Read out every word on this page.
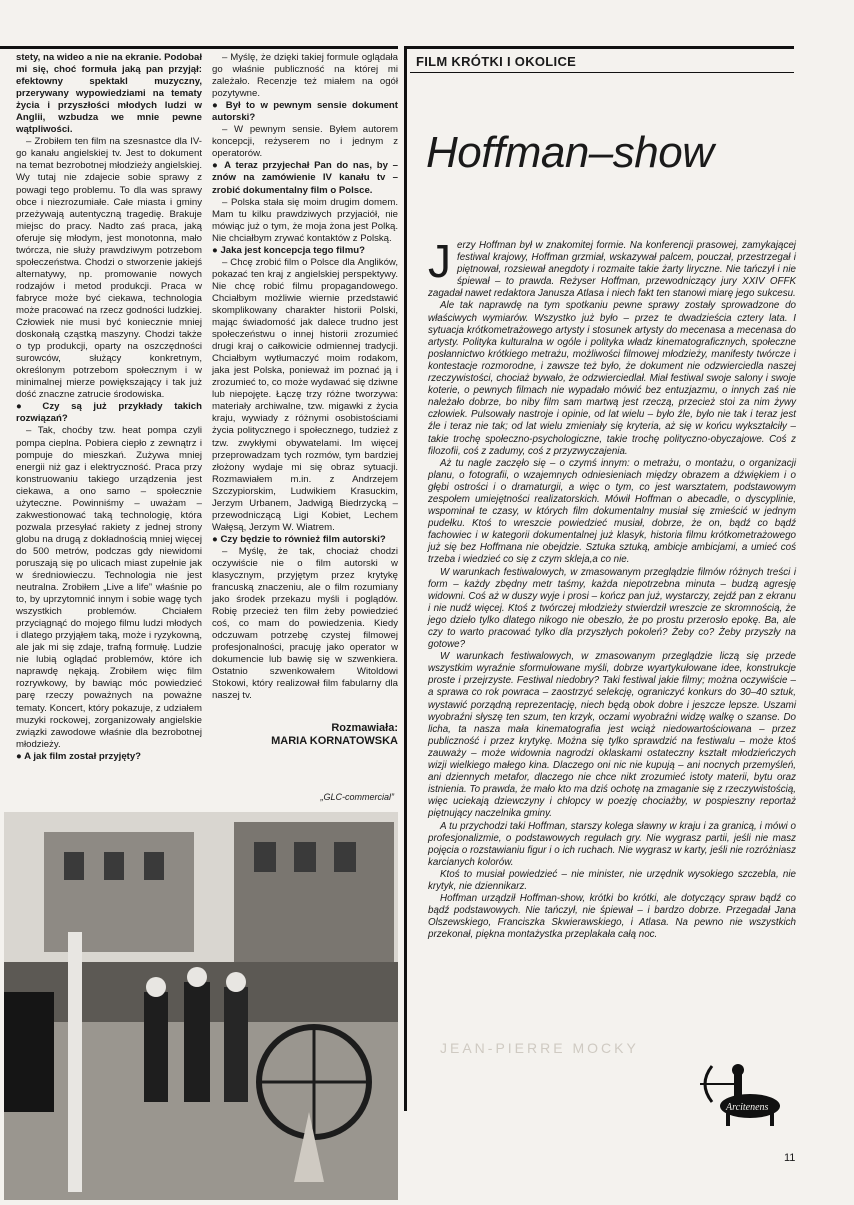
stety, na wideo a nie na ekranie. Podobał mi się, choć formuła jaką pan przyjął: efektowny spektakl muzyczny, przerywany wypowiedziami na tematy życia i przyszłości młodych ludzi w Anglii, wzbudza we mnie pewne wątpliwości.

– Zrobiłem ten film na szesnastce dla IV-go kanału angielskiej tv. Jest to dokument na temat bezrobotnej młodzieży angielskiej. Wy tutaj nie zdajecie sobie sprawy z powagi tego problemu. To dla was sprawy obce i niezrozumiałe. Całe miasta i gminy przeżywają autentyczną tragedię. Brakuje miejsc do pracy. Nadto zaś praca, jaką oferuje się młodym, jest monotonna, mało twórcza, nie służy prawdziwym potrzebom społeczeństwa. Chodzi o stworzenie jakiejś alternatywy, np. promowanie nowych rodzajów i metod produkcji. Praca w fabryce może być ciekawa, technologia może pracować na rzecz godności ludzkiej. Człowiek nie musi być koniecznie mniej doskonałą cząstką maszyny. Chodzi także o typ produkcji, oparty na oszczędności surowców, służący konkretnym, określonym potrzebom społecznym i w minimalnej mierze powiększający i tak już dość znaczne zatrucie środowiska.

● Czy są już przykłady takich rozwiązań?

– Tak, choćby tzw. heat pompa czyli pompa cieplna. Pobiera ciepło z zewnątrz i pompuje do mieszkań. Zużywa mniej energii niż gaz i elektryczność. Praca przy konstruowaniu takiego urządzenia jest ciekawa, a ono samo – społecznie użyteczne. Powinniśmy – uważam – zakwestionować taką technologię, która pozwala przesyłać rakiety z jednej strony globu na drugą z dokładnością mniej więcej do 500 metrów, podczas gdy niewidomi poruszają się po ulicach miast zupełnie jak w średniowieczu. Technologia nie jest neutralna. Zrobiłem „Live a life” właśnie po to, by uprzytomnić innym i sobie wagę tych wszystkich problemów. Chciałem przyciągnąć do mojego filmu ludzi młodych i dlatego przyjąłem taką, może i ryzykowną, ale jak mi się zdaje, trafną formułę. Ludzie nie lubią oglądać problemów, które ich naprawdę nękają. Zrobiłem więc film rozrywkowy, by bawiąc móc powiedzieć parę rzeczy poważnych na poważne tematy. Koncert, który pokazuje, z udziałem muzyki rockowej, zorganizowały angielskie związki zawodowe właśnie dla bezrobotnej młodzieży.

● A jak film został przyjęty?

– Myślę, że dzięki takiej formule oglądała go właśnie publiczność na której mi zależało. Recenzje też miałem na ogół pozytywne.

● Był to w pewnym sensie dokument autorski?

– W pewnym sensie. Byłem autorem koncepcji, reżyserem no i jednym z operatorów.

● A teraz przyjechał Pan do nas, by – znów na zamówienie IV kanału tv – zrobić dokumentalny film o Polsce.

– Polska stała się moim drugim domem. Mam tu kilku prawdziwych przyjaciół, nie mówiąc już o tym, że moja żona jest Polką. Nie chciałbym zrywać kontaktów z Polską.

● Jaka jest koncepcja tego filmu?

– Chcę zrobić film o Polsce dla Anglików, pokazać ten kraj z angielskiej perspektywy. Nie chcę robić filmu propagandowego. Chciałbym możliwie wiernie przedstawić skomplikowany charakter historii Polski, mając świadomość jak dalece trudno jest społeczeństwu o innej historii zrozumieć drugi kraj o całkowicie odmiennej tradycji. Chciałbym wytłumaczyć moim rodakom, jaka jest Polska, ponieważ im poznać ją i zrozumieć to, co może wydawać się dziwne lub niepojęte. Łączę trzy różne tworzywa: materiały archiwalne, tzw. migawki z życia kraju, wywiady z różnymi osobistościami życia politycznego i społecznego, tudzież z tzw. zwykłymi obywatelami. Im więcej przeprowadzam tych rozmów, tym bardziej złożony wydaje mi się obraz sytuacji. Rozmawiałem m.in. z Andrzejem Szczypiorskim, Ludwikiem Krasuckim, Jerzym Urbanem, Jadwigą Biedrzycką – przewodniczącą Ligi Kobiet, Lechem Wałęsą, Jerzym W. Wiatrem.

● Czy będzie to również film autorski?

– Myślę, że tak, chociaż chodzi oczywiście nie o film autorski w klasycznym, przyjętym przez krytykę francuską znaczeniu, ale o film rozumiany jako środek przekazu myśli i poglądów. Robię przecież ten film żeby powiedzieć coś, co mam do powiedzenia. Kiedy odczuwam potrzebę czystej filmowej profesjonalności, pracuję jako operator w dokumencie lub bawię się w szwenkiera. Ostatnio szwenkowałem Witoldowi Stokowi, który realizował film fabularny dla naszej tv.

Rozmawiała:
MARIA KORNATOWSKA
„GLC-commercial”
FILM KRÓTKI I OKOLICE
Hoffman–show

Jerzy Hoffman był w znakomitej formie. Na konferencji prasowej, zamykającej festiwal krajowy, Hoffman grzmiał, wskazywał palcem, pouczał, przestrzegał i piętnował, rozsiewał anegdoty i rozmaite takie żarty liryczne. Nie tańczył i nie śpiewał – to prawda. Reżyser Hoffman, przewodniczący jury XXIV OFFK zagadał nawet redaktora Janusza Atlasa i niech fakt ten stanowi miarę jego sukcesu.

Ale tak naprawdę na tym spotkaniu pewne sprawy zostały sprowadzone do właściwych wymiarów. Wszystko już było – przez te dwadzieścia cztery lata. I sytuacja krótkometrażowego artysty i stosunek artysty do mecenasa a mecenasa do artysty. Polityka kulturalna w ogóle i polityka władz kinematograficznych, społeczne posłannictwo krótkiego metrażu, możliwości filmowej młodzieży, manifesty twórcze i kontestacje rozmorodne, i zawsze też było, że dokument nie odzwierciedla naszej rzeczywistości, chociaż bywało, że odzwierciedlał. Miał festiwal swoje salony i swoje koterie, o pewnych filmach nie wypadało mówić bez entuzjazmu, o innych zaś nie należało dobrze, bo niby film sam martwą jest rzeczą, przecież stoi za nim żywy człowiek. Pulsowały nastroje i opinie, od lat wielu – było źle, było nie tak i teraz jest źle i teraz nie tak; od lat wielu zmieniały się kryteria, aż się w końcu wykształciły – takie trochę społeczno-psychologiczne, takie trochę polityczno-obyczajowe. Coś z filozofii, coś z zadumy, coś z przyzwyczajenia.

Aż tu nagle zaczęło się – o czymś innym: o metrażu, o montażu, o organizacji planu, o fotografii, o wzajemnych odniesieniach między obrazem a dźwiękiem i o głębi ostrości i o dramaturgii, a więc o tym, co jest warsztatem, podstawowym zespołem umiejętności realizatorskich. Mówił Hoffman o abecadle, o dyscyplinie, wspominał te czasy, w których film dokumentalny musiał się zmieścić w jednym pudełku. Ktoś to wreszcie powiedzieć musiał, dobrze, że on, bądź co bądź fachowiec i w kategorii dokumentalnej już klasyk, historia filmu krótkometrażowego już się bez Hoffmana nie obejdzie. Sztuka sztuką, ambicje ambicjami, a umieć coś trzeba i wiedzieć co się z czym skleja,a co nie.

W warunkach festiwalowych, w zmasowanym przeglądzie filmów różnych treści i form – każdy zbędny metr taśmy, każda niepotrzebna minuta – budzą agresję widowni. Coś aż w duszy wyje i prosi – kończ pan już, wystarczy, zejdź pan z ekranu i nie nudź więcej. Ktoś z twórczej młodzieży stwierdził wreszcie ze skromnością, że jego dzieło tylko dlatego nikogo nie obeszło, że po prostu przerosło epokę. Ba, ale czy to warto pracować tylko dla przyszłych pokoleń? Żeby co? Żeby przyszły na gotowe?

W warunkach festiwalowych, w zmasowanym przeglądzie liczą się przede wszystkim wyraźnie sformułowane myśli, dobrze wyartykułowane idee, konstrukcje proste i przejrzyste. Festiwal niedobry? Taki festiwal jakie filmy; można oczywiście – a sprawa co rok powraca – zaostrzyć selekcję, ograniczyć konkurs do 30–40 sztuk, wystawić porządną reprezentację, niech będą obok dobre i jeszcze lepsze. Uszami wyobraźni słyszę ten szum, ten krzyk, oczami wyobraźni widzę walkę o szanse. Do licha, ta nasza mała kinematografia jest wciąż niedowartościowana – przez publiczność i przez krytykę. Można się tylko sprawdzić na festiwalu – może ktoś zauważy – może widownia nagrodzi oklaskami ostateczny kształt młodzieńczych wizji wielkiego małego kina. Dlaczego oni nic nie kupują – ani nocnych przemyśleń, ani dziennych metafor, dlaczego nie chce nikt zrozumieć istoty materii, bytu oraz istnienia. To prawda, że mało kto ma dziś ochotę na zmaganie się z rzeczywistością, więc uciekają dziewczyny i chłopcy w poezję chociażby, w pospieszny reportaż piętnujący naczelnika gminy.

A tu przychodzi taki Hoffman, starszy kolega sławny w kraju i za granicą, i mówi o profesjonalizmie, o podstawowych regułach gry. Nie wygrasz partii, jeśli nie masz pojęcia o rozstawianiu figur i o ich ruchach. Nie wygrasz w karty, jeśli nie rozróżniasz karcianych kolorów.

Ktoś to musiał powiedzieć – nie minister, nie urzędnik wysokiego szczebla, nie krytyk, nie dziennikarz.

Hoffman urządził Hoffman-show, krótki bo krótki, ale dotyczący spraw bądź co bądź podstawowych. Nie tańczył, nie śpiewał – i bardzo dobrze. Przegadał Jana Olszewskiego, Franciszka Skwierawskiego, i Atlasa. Na pewno nie wszystkich przekonał, piękna montażystka przeplakała całą noc.

JEAN-PIERRE MOCKY
Arcitenens
11
